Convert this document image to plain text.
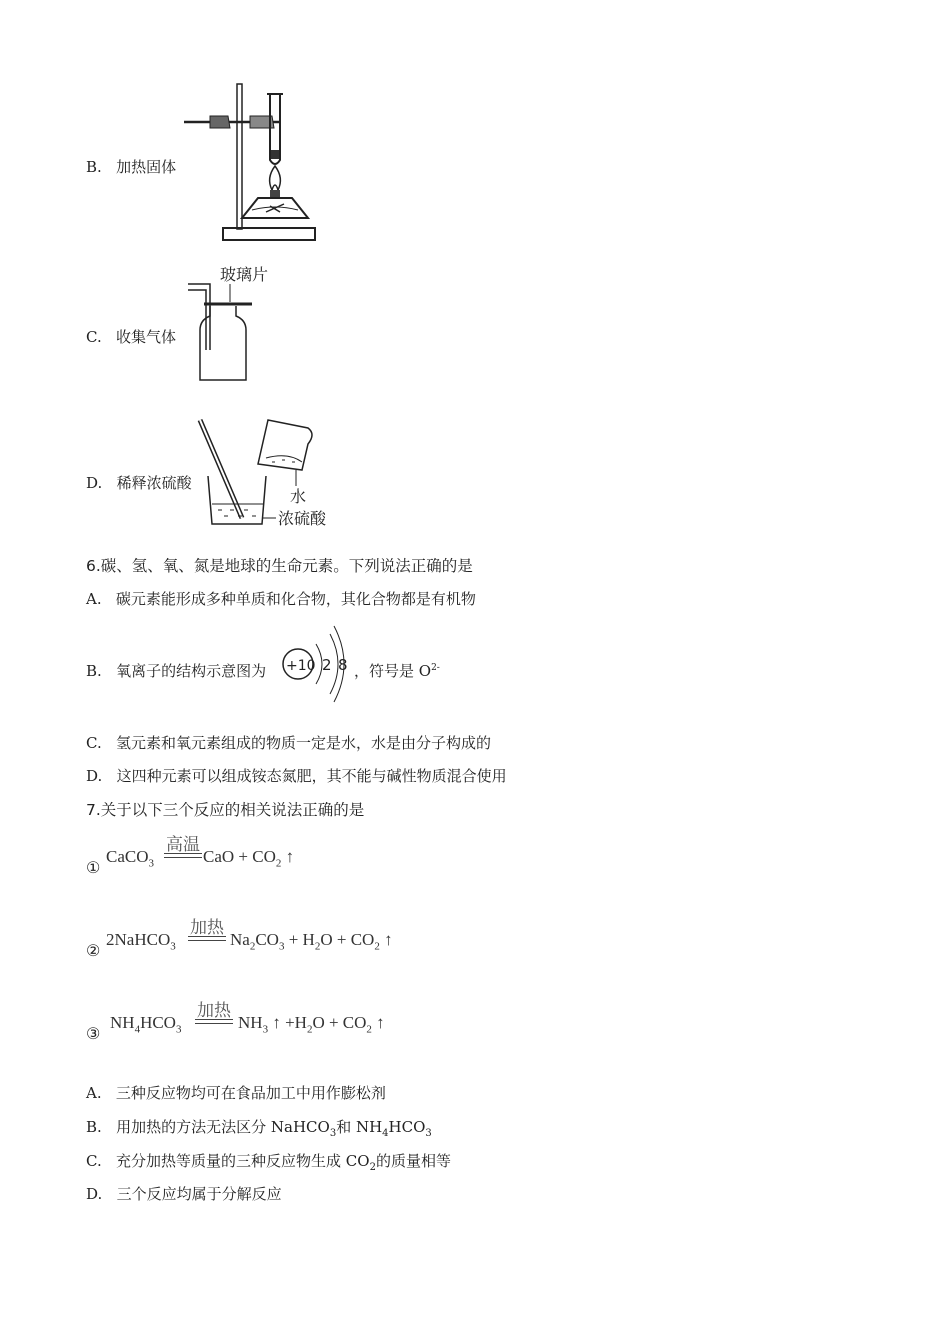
B. 加热固体
C. 收集气体
玻璃片
D. 稀释浓硫酸
水
浓硫酸
6.碳、氢、氧、氮是地球的生命元素。下列说法正确的是
A. 碳元素能形成多种单质和化合物，其化合物都是有机物
B. 氧离子的结构示意图为 +10 2 8 ，符号是 $O^{2-}$
C. 氢元素和氧元素组成的物质一定是水，水是由分子构成的
D. 这四种元素可以组成铵态氮肥，其不能与碱性物质混合使用
7.关于以下三个反应的相关说法正确的是
①
CaCO$_3$
高温
CaO + $CO_2$ ↑
②
2NaHCO$_3$
加热
$Na_2CO_3 + H_2O + CO_2$ ↑
③
$NH_4HCO_3$
加热
$NH_3$ ↑ $+H_2O + CO_2$ ↑
A. 三种反应物均可在食品加工中用作膨松剂
B. 用加热的方法无法区分 NaHCO$_3$和 $NH_4HCO_3$
C. 充分加热等质量的三种反应物生成 $CO_2$的质量相等
D. 三个反应均属于分解反应
